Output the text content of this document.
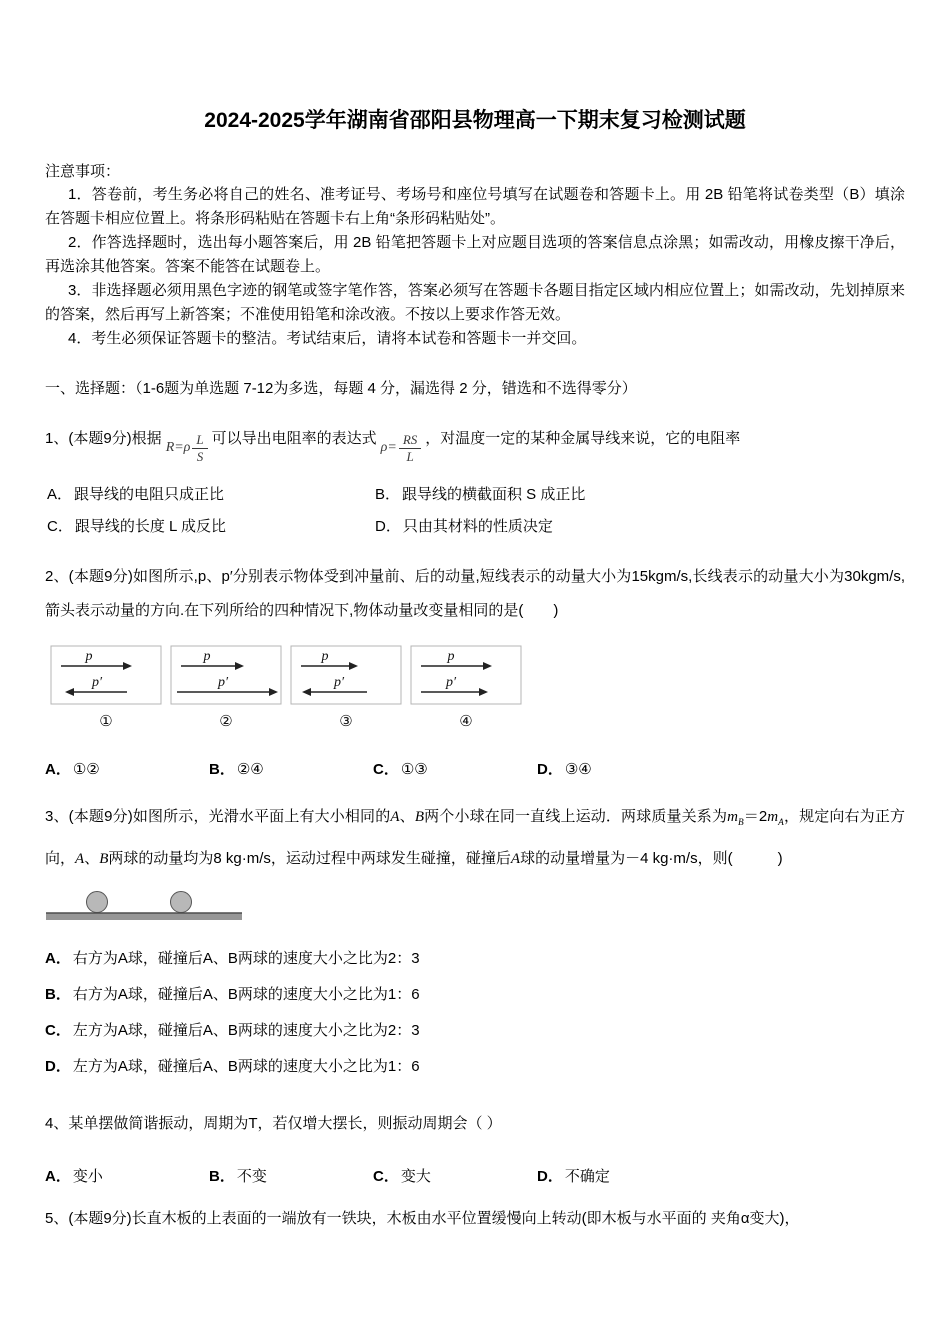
2024-2025学年湖南省邵阳县物理高一下期末复习检测试题

注意事项：

1．答卷前，考生务必将自己的姓名、准考证号、考场号和座位号填写在试题卷和答题卡上。用 2B 铅笔将试卷类型（B）填涂在答题卡相应位置上。将条形码粘贴在答题卡右上角“条形码粘贴处”。

2．作答选择题时，选出每小题答案后，用 2B 铅笔把答题卡上对应题目选项的答案信息点涂黑；如需改动，用橡皮擦干净后，再选涂其他答案。答案不能答在试题卷上。

3．非选择题必须用黑色字迹的钢笔或签字笔作答，答案必须写在答题卡各题目指定区域内相应位置上；如需改动，先划掉原来的答案，然后再写上新答案；不准使用铅笔和涂改液。不按以上要求作答无效。

4．考生必须保证答题卡的整洁。考试结束后，请将本试卷和答题卡一并交回。

一、选择题：（1-6题为单选题 7-12为多选，每题 4 分，漏选得 2 分，错选和不选得零分）

1、(本题9分)根据
$R=\rho \frac{L}{S}$ 可以导出电阻率的表达式
$\rho= \frac{RS}{L}$ ，对温度一定的某种金属导线来说，它的电阻率
A． 跟导线的电阻只成正比	B． 跟导线的横截面积 S 成正比
C． 跟导线的长度 L 成反比	D． 只由其材料的性质决定

2、(本题9分)如图所示,p、p′分别表示物体受到冲量前、后的动量,短线表示的动量大小为15kgm/s,长线表示的动量大小为30kgm/s,箭头表示动量的方向.在下列所给的四种情况下,物体动量改变量相同的是(　　)

p
p′
①
p
p′
②
p
p′
③
p
p′
④
A． ①②	B． ②④	C． ①③	D． ③④

3、(本题9分)如图所示，光滑水平面上有大小相同的A、B两个小球在同一直线上运动．两球质量关系为$m_B=2m_A$，规定向右为正方向，A、B两球的动量均为8 kg·m/s，运动过程中两球发生碰撞，碰撞后A球的动量增量为－4 kg·m/s，则(　　　)

A． 右方为A球，碰撞后A、B两球的速度大小之比为2：3
B． 右方为A球，碰撞后A、B两球的速度大小之比为1：6
C． 左方为A球，碰撞后A、B两球的速度大小之比为2：3
D． 左方为A球，碰撞后A、B两球的速度大小之比为1：6

4、某单摆做简谐振动，周期为T，若仅增大摆长，则振动周期会（ ）

A． 变小	B． 不变	C． 变大	D． 不确定

5、(本题9分)长直木板的上表面的一端放有一铁块，木板由水平位置缓慢向上转动(即木板与水平面的 夹角α变大)，
